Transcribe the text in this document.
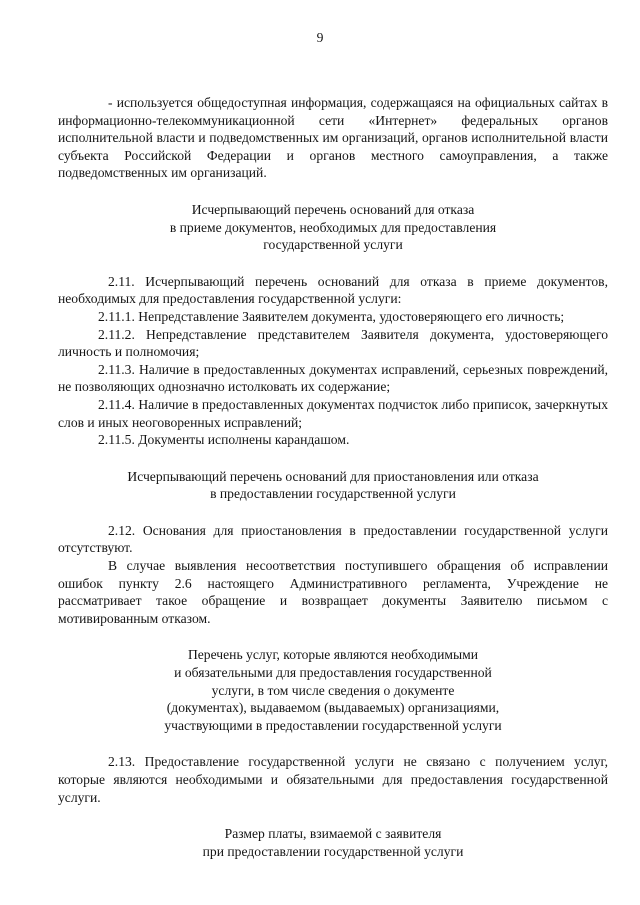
9

- используется общедоступная информация, содержащаяся на официальных сайтах в информационно-телекоммуникационной сети «Интернет» федеральных органов исполнительной власти и подведомственных им организаций, органов исполнительной власти субъекта Российской Федерации и органов местного самоуправления, а также подведомственных им организаций.

Исчерпывающий перечень оснований для отказа
в приеме документов, необходимых для предоставления
государственной услуги

2.11. Исчерпывающий перечень оснований для отказа в приеме документов, необходимых для предоставления государственной услуги:

2.11.1. Непредставление Заявителем документа, удостоверяющего его личность;

2.11.2. Непредставление представителем Заявителя документа, удостоверяющего личность и полномочия;

2.11.3. Наличие в предоставленных документах исправлений, серьезных повреждений, не позволяющих однозначно истолковать их содержание;

2.11.4. Наличие в предоставленных документах подчисток либо приписок, зачеркнутых слов и иных неоговоренных исправлений;

2.11.5. Документы исполнены карандашом.

Исчерпывающий перечень оснований для приостановления или отказа
в предоставлении государственной услуги

2.12. Основания для приостановления в предоставлении государственной услуги отсутствуют.

В случае выявления несоответствия поступившего обращения об исправлении ошибок пункту 2.6 настоящего Административного регламента, Учреждение не рассматривает такое обращение и возвращает документы Заявителю письмом с мотивированным отказом.

Перечень услуг, которые являются необходимыми
и обязательными для предоставления государственной
услуги, в том числе сведения о документе
(документах), выдаваемом (выдаваемых) организациями,
участвующими в предоставлении государственной услуги

2.13. Предоставление государственной услуги не связано с получением услуг, которые являются необходимыми и обязательными для предоставления государственной услуги.

Размер платы, взимаемой с заявителя
при предоставлении государственной услуги
